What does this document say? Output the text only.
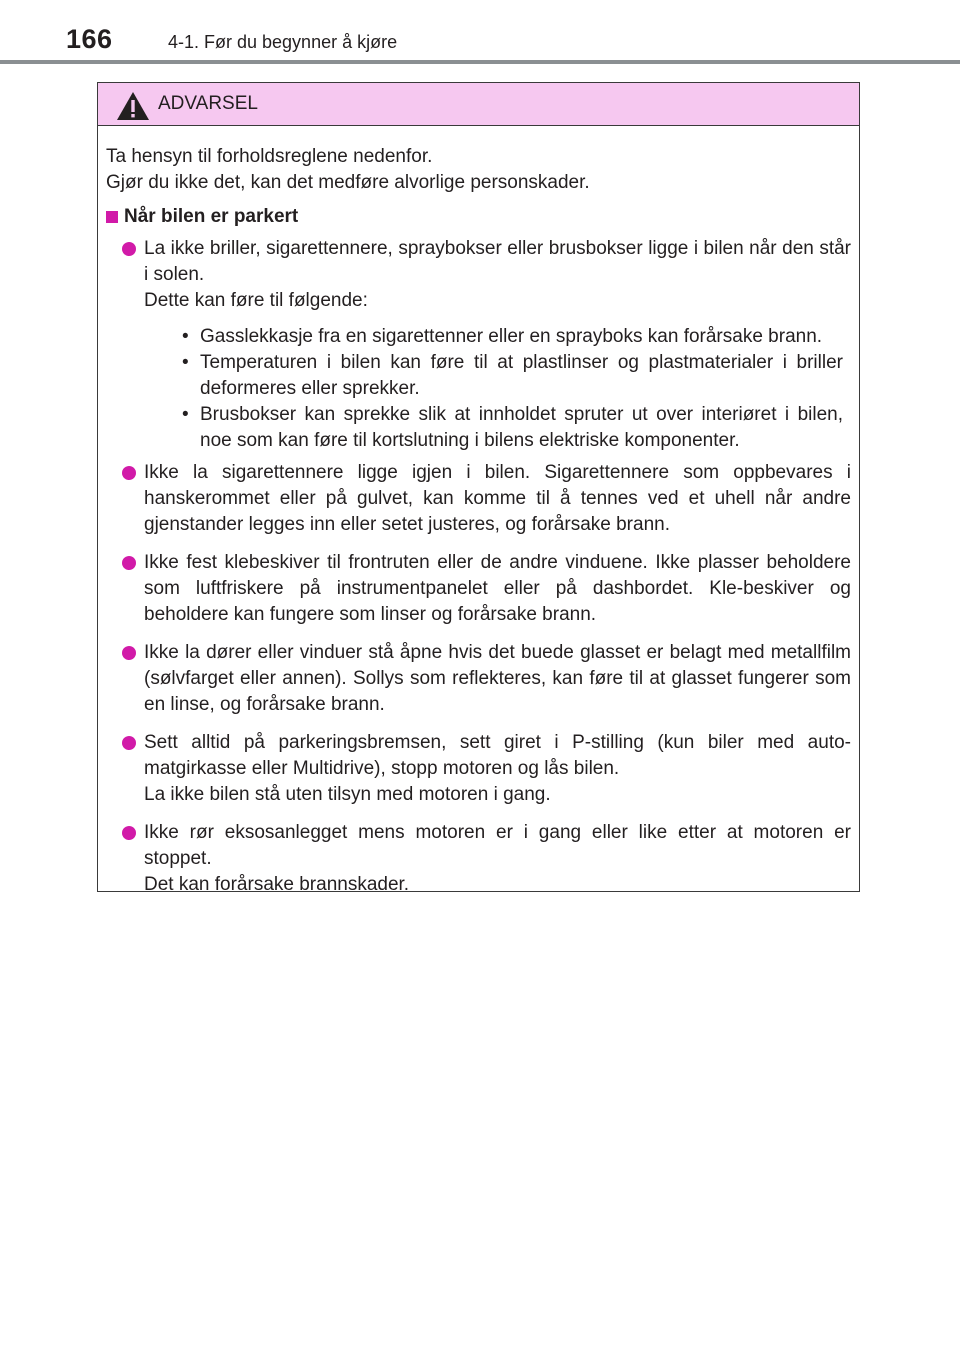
166	4-1. Før du begynner å kjøre
ADVARSEL

Ta hensyn til forholdsreglene nedenfor.

Gjør du ikke det, kan det medføre alvorlige personskader.

Når bilen er parkert

La ikke briller, sigarettennere, spraybokser eller brusbokser ligge i bilen når den står i solen.

Dette kan føre til følgende:

• Gasslekkasje fra en sigarettenner eller en sprayboks kan forårsake brann.
• Temperaturen i bilen kan føre til at plastlinser og plastmaterialer i briller deformeres eller sprekker.
• Brusbokser kan sprekke slik at innholdet spruter ut over interiøret i bilen, noe som kan føre til kortslutning i bilens elektriske komponenter.

Ikke la sigarettennere ligge igjen i bilen. Sigarettennere som oppbevares i hanskerommet eller på gulvet, kan komme til å tennes ved et uhell når andre gjenstander legges inn eller setet justeres, og forårsake brann.

Ikke fest klebeskiver til frontruten eller de andre vinduene. Ikke plasser beholdere som luftfriskere på instrumentpanelet eller på dashbordet. Kle-beskiver og beholdere kan fungere som linser og forårsake brann.

Ikke la dører eller vinduer stå åpne hvis det buede glasset er belagt med metallfilm (sølvfarget eller annen). Sollys som reflekteres, kan føre til at glasset fungerer som en linse, og forårsake brann.

Sett alltid på parkeringsbremsen, sett giret i P-stilling (kun biler med auto-matgirkasse eller Multidrive), stopp motoren og lås bilen.

La ikke bilen stå uten tilsyn med motoren i gang.

Ikke rør eksosanlegget mens motoren er i gang eller like etter at motoren er stoppet.

Det kan forårsake brannskader.
